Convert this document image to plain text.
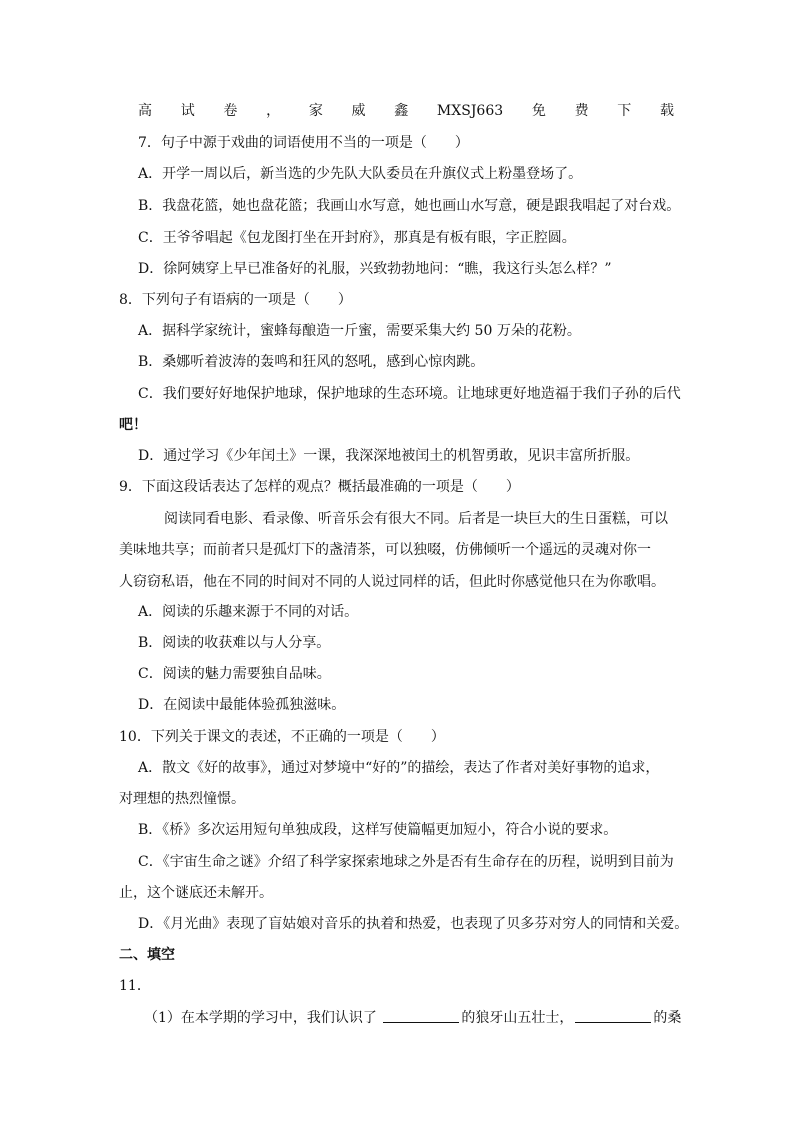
高 试 卷 ， 家 威 鑫 MXSJ663 免 费 下 载
7．句子中源于戏曲的词语使用不当的一项是（　　）
A．开学一周以后，新当选的少先队大队委员在升旗仪式上粉墨登场了。
B．我盘花篮，她也盘花篮；我画山水写意，她也画山水写意，硬是跟我唱起了对台戏。
C．王爷爷唱起《包龙图打坐在开封府》，那真是有板有眼，字正腔圆。
D．徐阿姨穿上早已准备好的礼服，兴致勃勃地问：“瞧，我这行头怎么样？”
8．下列句子有语病的一项是（　　）
A．据科学家统计，蜜蜂每酿造一斤蜜，需要采集大约 50 万朵的花粉。
B．桑娜听着波涛的轰鸣和狂风的怒吼，感到心惊肉跳。
C．我们要好好地保护地球，保护地球的生态环境。让地球更好地造福于我们子孙的后代
吧！
D．通过学习《少年闰土》一课，我深深地被闰土的机智勇敢，见识丰富所折服。
9．下面这段话表达了怎样的观点？概括最准确的一项是（　　）
阅读同看电影、看录像、听音乐会有很大不同。后者是一块巨大的生日蛋糕，可以
美味地共享；而前者只是孤灯下的盏清茶，可以独啜，仿佛倾听一个遥远的灵魂对你一
人窃窃私语，他在不同的时间对不同的人说过同样的话，但此时你感觉他只在为你歌唱。
A．阅读的乐趣来源于不同的对话。
B．阅读的收获难以与人分享。
C．阅读的魅力需要独自品味。
D．在阅读中最能体验孤独滋味。
10．下列关于课文的表述，不正确的一项是（　　）
A．散文《好的故事》，通过对梦境中“好的”的描绘，表达了作者对美好事物的追求，
对理想的热烈憧憬。
B．《桥》多次运用短句单独成段，这样写使篇幅更加短小，符合小说的要求。
C．《宇宙生命之谜》介绍了科学家探索地球之外是否有生命存在的历程，说明到目前为
止，这个谜底还未解开。
D．《月光曲》表现了盲姑娘对音乐的执着和热爱，也表现了贝多芬对穷人的同情和关爱。
二、填空
11．
（1）在本学期的学习中，我们认识了	的狼牙山五壮士，	的桑
